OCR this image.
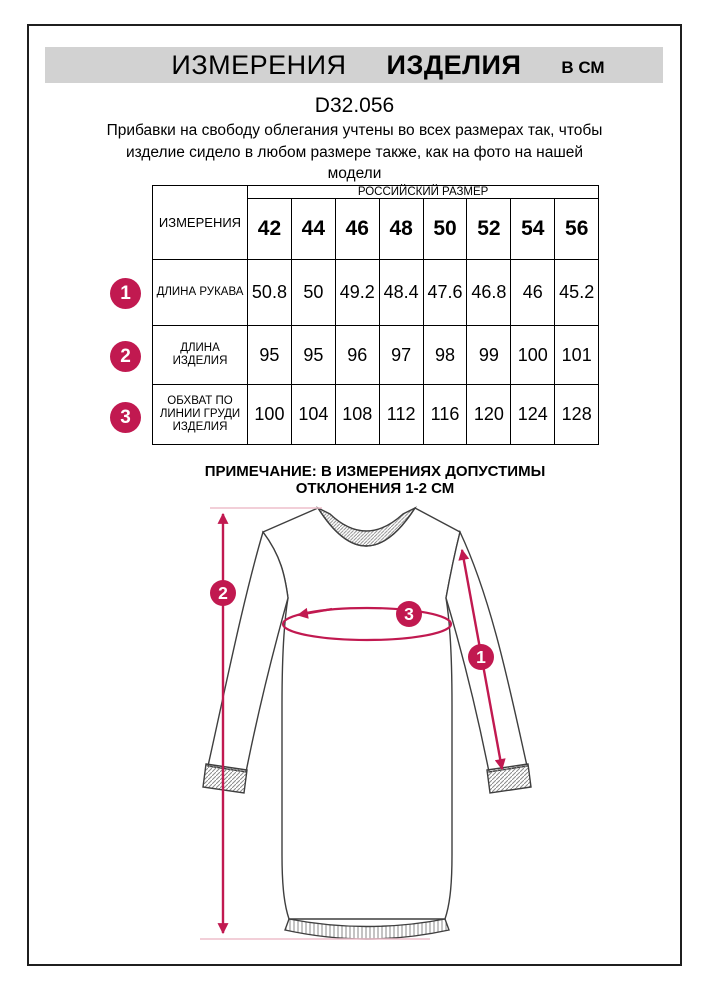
ИЗМЕРЕНИЯ ИЗДЕЛИЯ В СМ
D32.056
Прибавки на свободу облегания учтены во всех размерах так, чтобы
изделие сидело в любом размере также, как на фото на нашей
модели
ИЗМЕРЕНИЯ	РОССИЙСКИЙ РАЗМЕР							
	42	44	46	48	50	52	54	56

ДЛИНА РУКАВА	50.8	50	49.2	48.4	47.6	46.8	46	45.2

ДЛИНА
ИЗДЕЛИЯ	95	95	96	97	98	99	100	101

ОБХВАТ ПО
ЛИНИИ ГРУДИ
ИЗДЕЛИЯ	100	104	108	112	116	120	124	128
1
2
3
ПРИМЕЧАНИЕ: В ИЗМЕРЕНИЯХ ДОПУСТИМЫ ОТКЛОНЕНИЯ 1-2 СМ
1
2
3
